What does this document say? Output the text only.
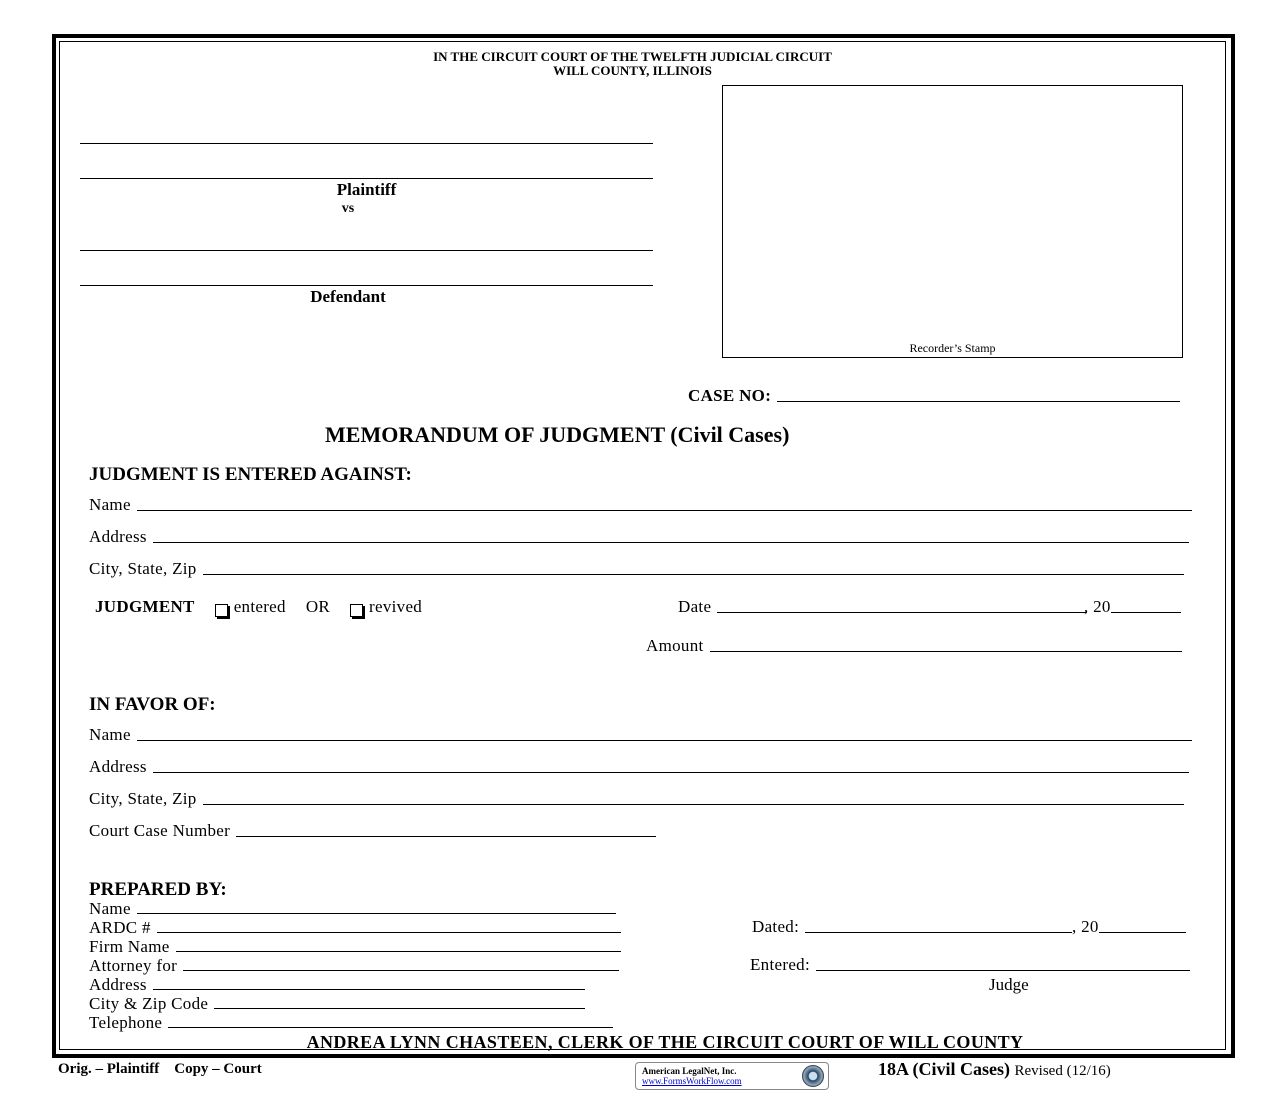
IN THE CIRCUIT COURT OF THE TWELFTH JUDICIAL CIRCUIT
WILL COUNTY, ILLINOIS
Plaintiff
vs
Defendant
Recorder’s Stamp
CASE NO:
MEMORANDUM OF JUDGMENT (Civil Cases)
JUDGMENT IS ENTERED AGAINST:
Name
Address
City, State, Zip
JUDGMENT entered OR revived	Date	, 20
Amount
IN FAVOR OF:
Name
Address
City, State, Zip
Court Case Number
PREPARED BY:
Name
ARDC #
Firm Name
Attorney for
Address
City & Zip Code
Telephone
Dated:	, 20
Entered:
Judge
ANDREA LYNN CHASTEEN, CLERK OF THE CIRCUIT COURT OF WILL COUNTY
Orig. – Plaintiff    Copy – Court	American LegalNet, Inc.
www.FormsWorkFlow.com
18A (Civil Cases) Revised (12/16)
